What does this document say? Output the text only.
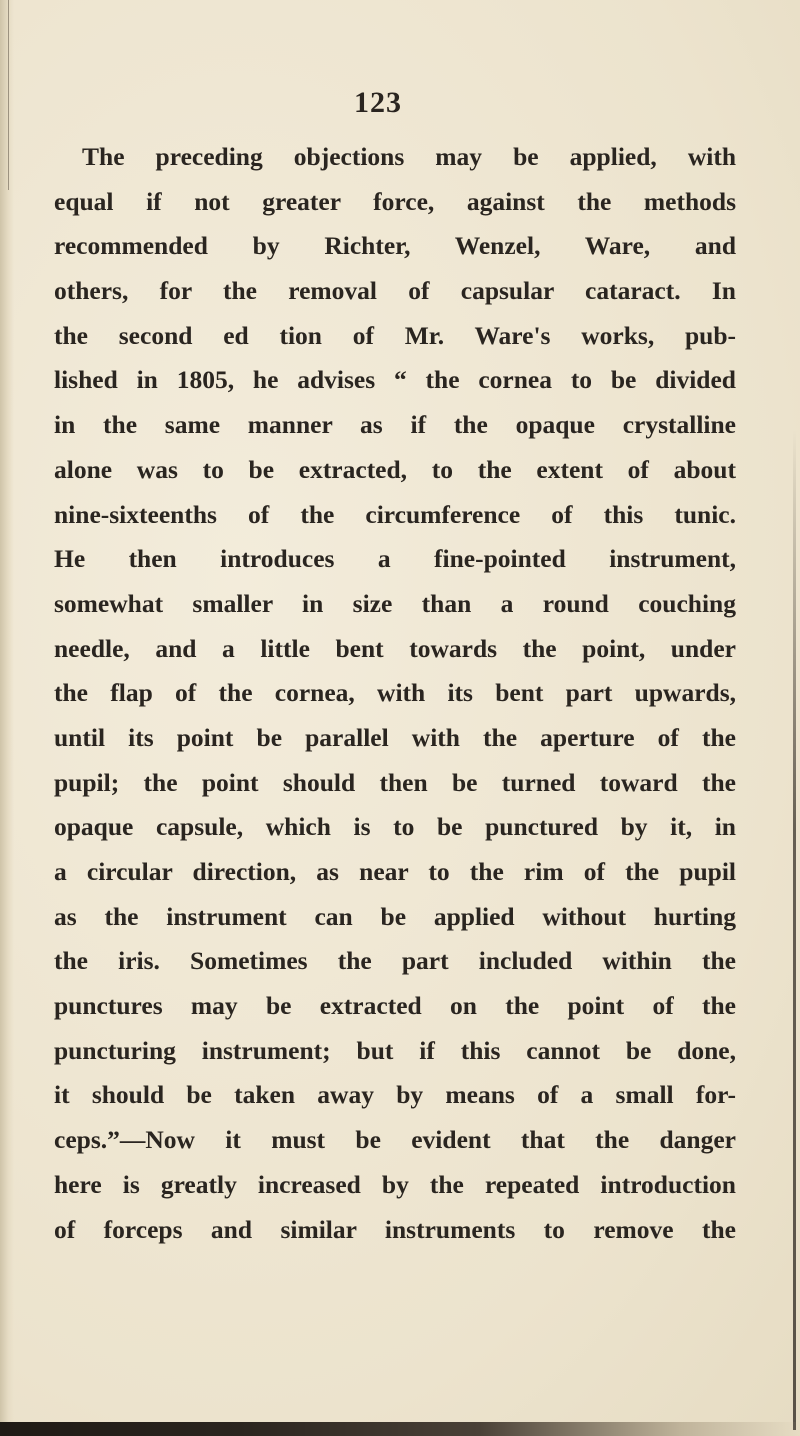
123
The preceding objections may be applied, with
equal if not greater force, against the methods
recommended by Richter, Wenzel, Ware, and
others, for the removal of capsular cataract. In
the second ed tion of Mr. Ware's works, pub-
lished in 1805, he advises “ the cornea to be divided
in the same manner as if the opaque crystalline
alone was to be extracted, to the extent of about
nine-sixteenths of the circumference of this tunic.
He then introduces a fine-pointed instrument,
somewhat smaller in size than a round couching
needle, and a little bent towards the point, under
the flap of the cornea, with its bent part upwards,
until its point be parallel with the aperture of the
pupil; the point should then be turned toward the
opaque capsule, which is to be punctured by it, in
a circular direction, as near to the rim of the pupil
as the instrument can be applied without hurting
the iris. Sometimes the part included within the
punctures may be extracted on the point of the
puncturing instrument; but if this cannot be done,
it should be taken away by means of a small for-
ceps.”—Now it must be evident that the danger
here is greatly increased by the repeated introduction
of forceps and similar instruments to remove the
